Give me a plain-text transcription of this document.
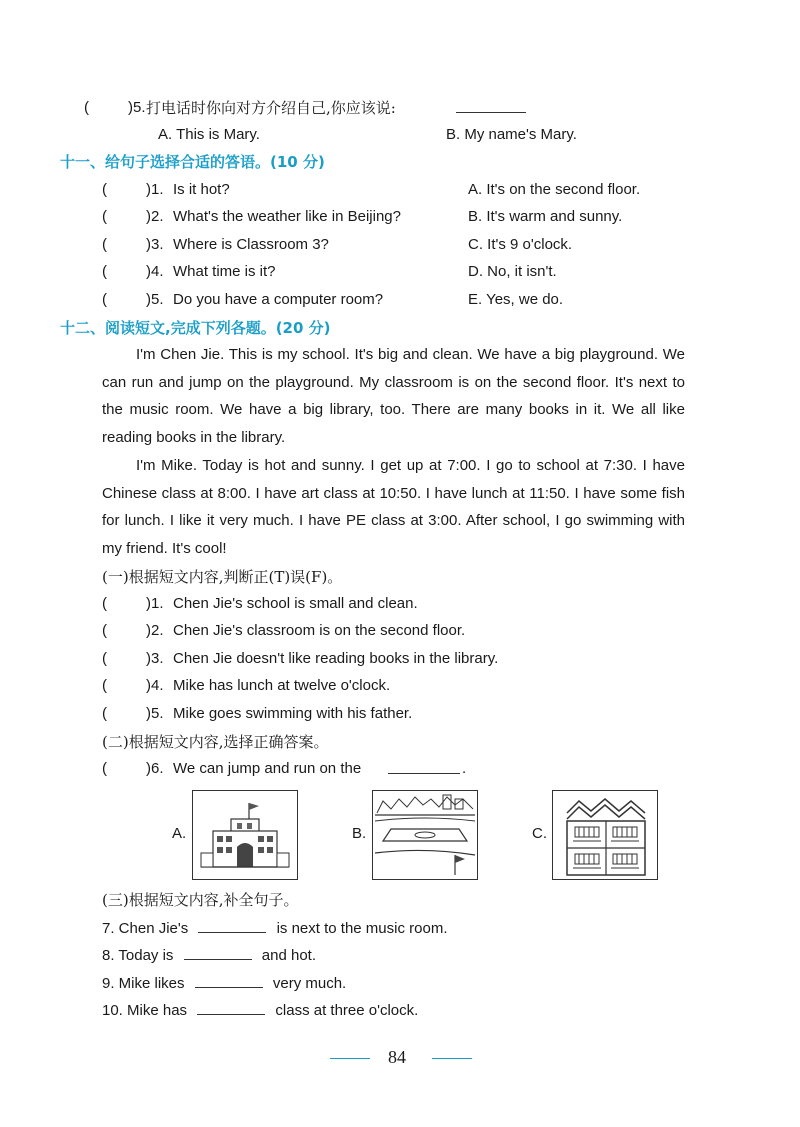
(	)5. 打电话时你向对方介绍自己,你应该说:
A. This is Mary.	B. My name's Mary.
十一、给句子选择合适的答语。(10 分)
(	)1. Is it hot?	A. It's on the second floor.
(	)2. What's the weather like in Beijing?	B. It's warm and sunny.
(	)3. Where is Classroom 3?	C. It's 9 o'clock.
(	)4. What time is it?	D. No, it isn't.
(	)5. Do you have a computer room?	E. Yes, we do.
十二、阅读短文,完成下列各题。(20 分)
I'm Chen Jie. This is my school. It's big and clean. We have a big playground. We can run and jump on the playground. My classroom is on the second floor. It's next to the music room. We have a big library, too. There are many books in it. We all like reading books in the library.
I'm Mike. Today is hot and sunny. I get up at 7:00. I go to school at 7:30. I have Chinese class at 8:00. I have art class at 10:50. I have lunch at 11:50. I have some fish for lunch. I like it very much. I have PE class at 3:00. After school, I go swimming with my friend. It's cool!
(一)根据短文内容,判断正(T)误(F)。
(	)1. Chen Jie's school is small and clean.
(	)2. Chen Jie's classroom is on the second floor.
(	)3. Chen Jie doesn't like reading books in the library.
(	)4. Mike has lunch at twelve o'clock.
(	)5. Mike goes swimming with his father.
(二)根据短文内容,选择正确答案。
(	)6. We can jump and run on the	.
A.	B.	C.
(三)根据短文内容,补全句子。
7. Chen Jie's	is next to the music room.
8. Today is	and hot.
9. Mike likes	very much.
10. Mike has	class at three o'clock.
84
